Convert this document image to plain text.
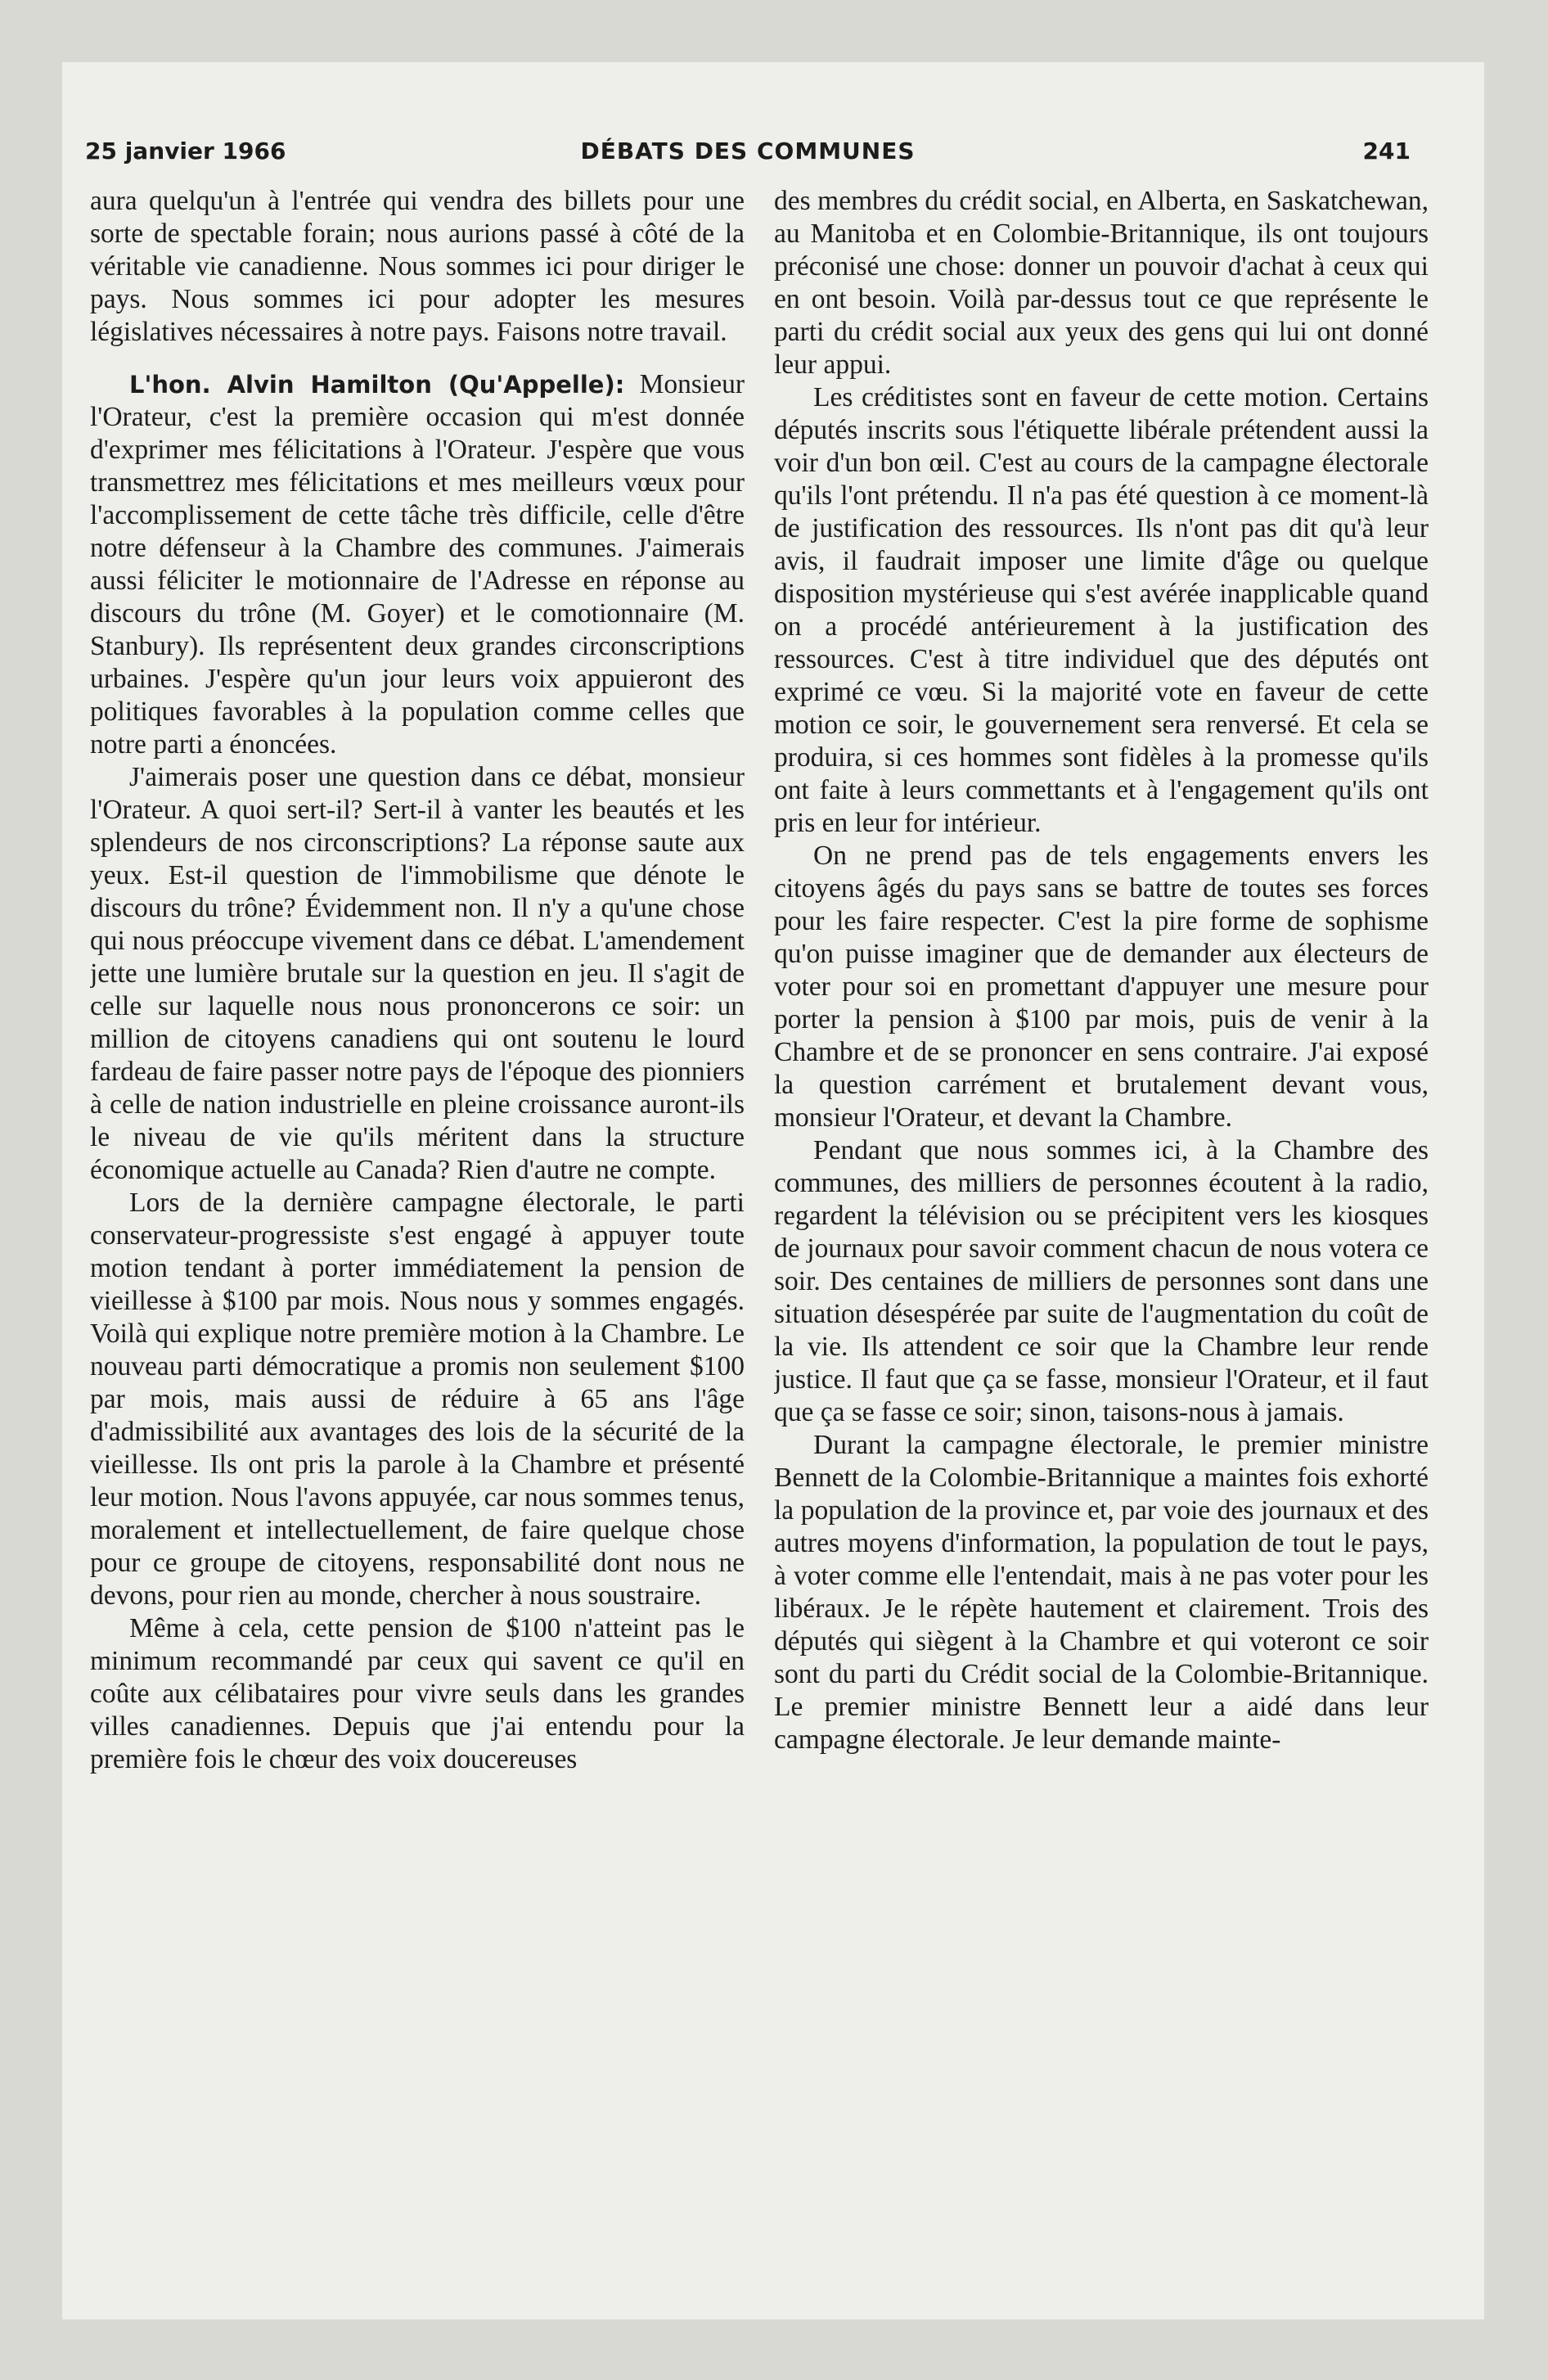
25 janvier 1966	DÉBATS DES COMMUNES	241

aura quelqu'un à l'entrée qui vendra des billets pour une sorte de spectable forain; nous aurions passé à côté de la véritable vie canadienne. Nous sommes ici pour diriger le pays. Nous sommes ici pour adopter les mesures législatives nécessaires à notre pays. Faisons notre travail.

L'hon. Alvin Hamilton (Qu'Appelle): Monsieur l'Orateur, c'est la première occasion qui m'est donnée d'exprimer mes félicitations à l'Orateur. J'espère que vous transmettrez mes félicitations et mes meilleurs vœux pour l'accomplissement de cette tâche très difficile, celle d'être notre défenseur à la Chambre des communes. J'aimerais aussi féliciter le motionnaire de l'Adresse en réponse au discours du trône (M. Goyer) et le comotionnaire (M. Stanbury). Ils représentent deux grandes circonscriptions urbaines. J'espère qu'un jour leurs voix appuieront des politiques favorables à la population comme celles que notre parti a énoncées.

J'aimerais poser une question dans ce débat, monsieur l'Orateur. A quoi sert-il? Sert-il à vanter les beautés et les splendeurs de nos circonscriptions? La réponse saute aux yeux. Est-il question de l'immobilisme que dénote le discours du trône? Évidemment non. Il n'y a qu'une chose qui nous préoccupe vivement dans ce débat. L'amendement jette une lumière brutale sur la question en jeu. Il s'agit de celle sur laquelle nous nous prononcerons ce soir: un million de citoyens canadiens qui ont soutenu le lourd fardeau de faire passer notre pays de l'époque des pionniers à celle de nation industrielle en pleine croissance auront-ils le niveau de vie qu'ils méritent dans la structure économique actuelle au Canada? Rien d'autre ne compte.

Lors de la dernière campagne électorale, le parti conservateur-progressiste s'est engagé à appuyer toute motion tendant à porter immédiatement la pension de vieillesse à $100 par mois. Nous nous y sommes engagés. Voilà qui explique notre première motion à la Chambre. Le nouveau parti démocratique a promis non seulement $100 par mois, mais aussi de réduire à 65 ans l'âge d'admissibilité aux avantages des lois de la sécurité de la vieillesse. Ils ont pris la parole à la Chambre et présenté leur motion. Nous l'avons appuyée, car nous sommes tenus, moralement et intellectuellement, de faire quelque chose pour ce groupe de citoyens, responsabilité dont nous ne devons, pour rien au monde, chercher à nous soustraire.

Même à cela, cette pension de $100 n'atteint pas le minimum recommandé par ceux qui savent ce qu'il en coûte aux célibataires pour vivre seuls dans les grandes villes canadiennes. Depuis que j'ai entendu pour la première fois le chœur des voix doucereuses

des membres du crédit social, en Alberta, en Saskatchewan, au Manitoba et en Colombie-Britannique, ils ont toujours préconisé une chose: donner un pouvoir d'achat à ceux qui en ont besoin. Voilà par-dessus tout ce que représente le parti du crédit social aux yeux des gens qui lui ont donné leur appui.

Les créditistes sont en faveur de cette motion. Certains députés inscrits sous l'étiquette libérale prétendent aussi la voir d'un bon œil. C'est au cours de la campagne électorale qu'ils l'ont prétendu. Il n'a pas été question à ce moment-là de justification des ressources. Ils n'ont pas dit qu'à leur avis, il faudrait imposer une limite d'âge ou quelque disposition mystérieuse qui s'est avérée inapplicable quand on a procédé antérieurement à la justification des ressources. C'est à titre individuel que des députés ont exprimé ce vœu. Si la majorité vote en faveur de cette motion ce soir, le gouvernement sera renversé. Et cela se produira, si ces hommes sont fidèles à la promesse qu'ils ont faite à leurs commettants et à l'engagement qu'ils ont pris en leur for intérieur.

On ne prend pas de tels engagements envers les citoyens âgés du pays sans se battre de toutes ses forces pour les faire respecter. C'est la pire forme de sophisme qu'on puisse imaginer que de demander aux électeurs de voter pour soi en promettant d'appuyer une mesure pour porter la pension à $100 par mois, puis de venir à la Chambre et de se prononcer en sens contraire. J'ai exposé la question carrément et brutalement devant vous, monsieur l'Orateur, et devant la Chambre.

Pendant que nous sommes ici, à la Chambre des communes, des milliers de personnes écoutent à la radio, regardent la télévision ou se précipitent vers les kiosques de journaux pour savoir comment chacun de nous votera ce soir. Des centaines de milliers de personnes sont dans une situation désespérée par suite de l'augmentation du coût de la vie. Ils attendent ce soir que la Chambre leur rende justice. Il faut que ça se fasse, monsieur l'Orateur, et il faut que ça se fasse ce soir; sinon, taisons-nous à jamais.

Durant la campagne électorale, le premier ministre Bennett de la Colombie-Britannique a maintes fois exhorté la population de la province et, par voie des journaux et des autres moyens d'information, la population de tout le pays, à voter comme elle l'entendait, mais à ne pas voter pour les libéraux. Je le répète hautement et clairement. Trois des députés qui siègent à la Chambre et qui voteront ce soir sont du parti du Crédit social de la Colombie-Britannique. Le premier ministre Bennett leur a aidé dans leur campagne électorale. Je leur demande mainte-
